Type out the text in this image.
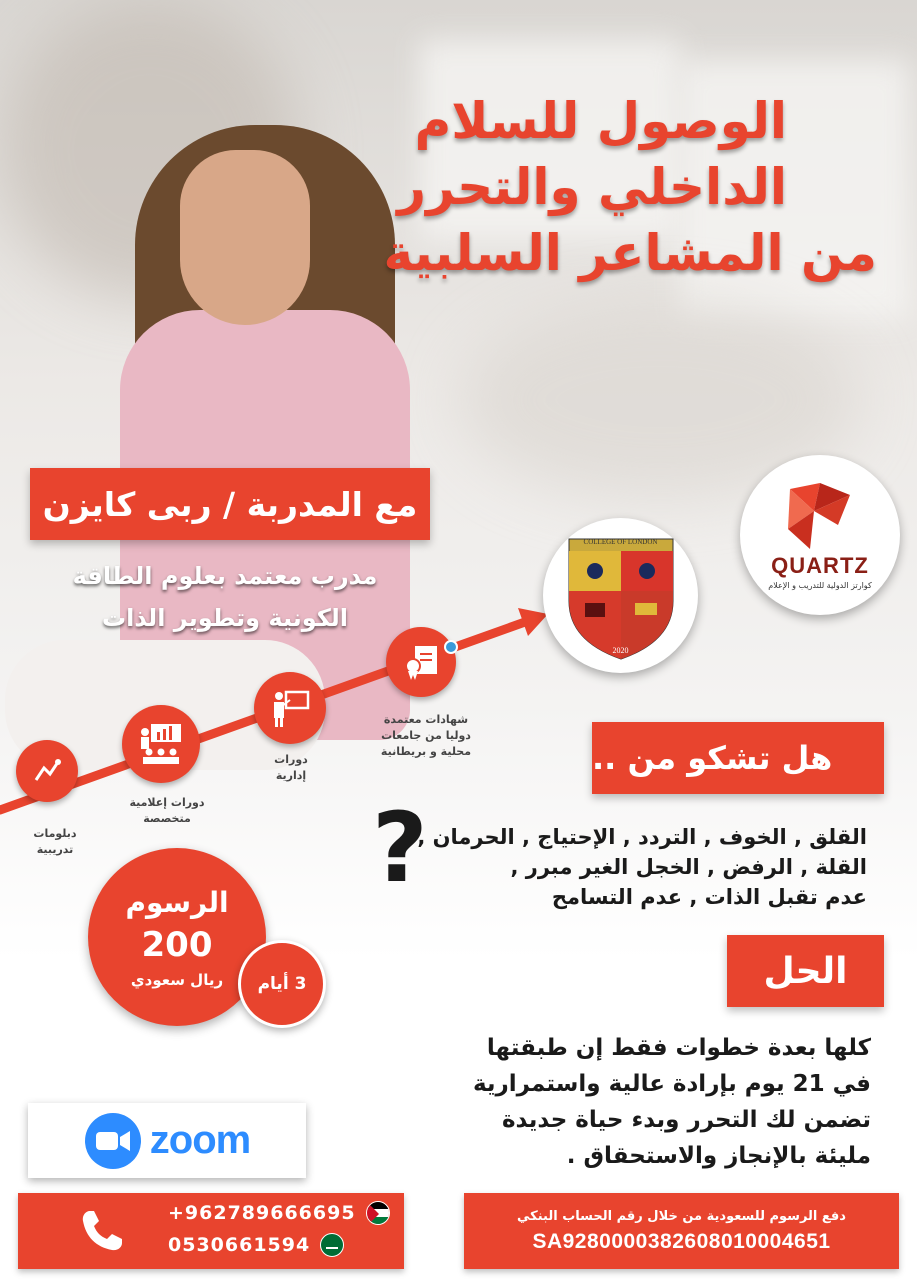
الوصول للسلام
الداخلي والتحرر
من المشاعر السلبية
مع المدربة / ربى كايزن
مدرب معتمد بعلوم الطاقة
الكونية وتطوير الذات
QUARTZ
كوارتز الدولية للتدريب و الإعلام
COLLEGE OF LONDON
2020
دبلومات تدريبية
دورات إعلامية متخصصة
دورات إدارية
شهادات معتمدة دوليا من جامعات محلية و بريطانية	هل تشكو من ..
?
القلق , الخوف , التردد , الإحتياج , الحرمان ,
القلة , الرفض , الخجل الغير مبرر ,
عدم تقبل الذات , عدم التسامح
الرسوم
200
ريال سعودي 3 أيام	الحل
كلها بعدة خطوات فقط إن طبقتها
في 21 يوم بإرادة عالية واستمرارية
تضمن لك التحرر وبدء حياة جديدة
مليئة بالإنجاز والاستحقاق .
zoom
+962789666695
0530661594
دفع الرسوم للسعودية من خلال رقم الحساب البنكي
SA9280000382608010004651
